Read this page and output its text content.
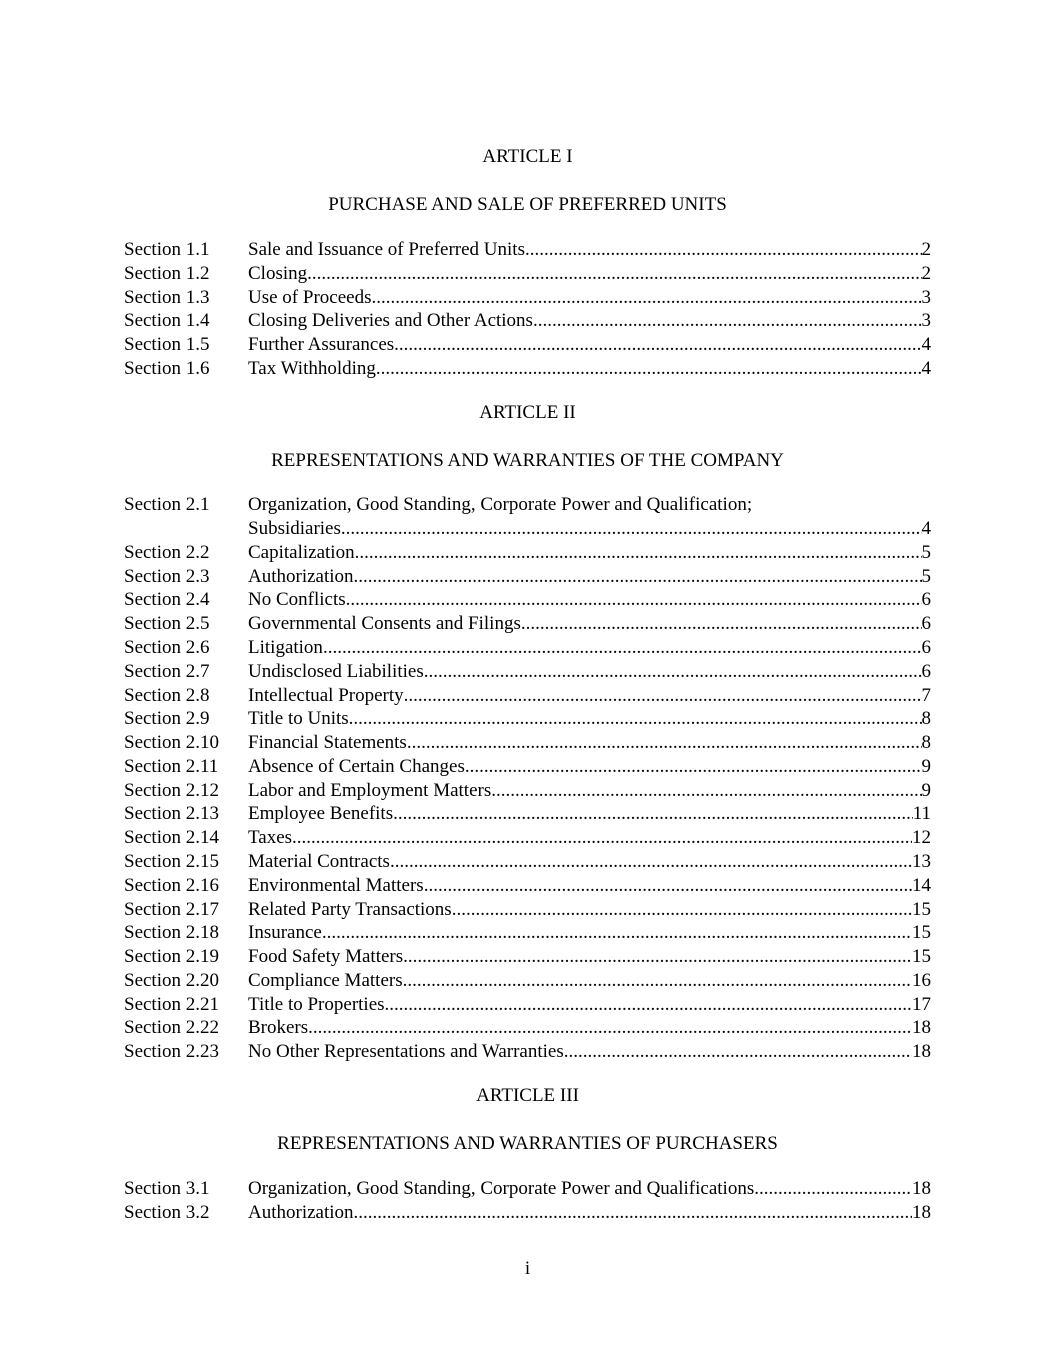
ARTICLE I
PURCHASE AND SALE OF PREFERRED UNITS
Section 1.1	Sale and Issuance of Preferred Units .....	2
Section 1.2	Closing .....	2
Section 1.3	Use of Proceeds .....	3
Section 1.4	Closing Deliveries and Other Actions .....	3
Section 1.5	Further Assurances .....	4
Section 1.6	Tax Withholding .....	4
ARTICLE II
REPRESENTATIONS AND WARRANTIES OF THE COMPANY
Section 2.1	Organization, Good Standing, Corporate Power and Qualification;
Subsidiaries .....	4
Section 2.2	Capitalization .....	5
Section 2.3	Authorization .....	5
Section 2.4	No Conflicts .....	6
Section 2.5	Governmental Consents and Filings .....	6
Section 2.6	Litigation .....	6
Section 2.7	Undisclosed Liabilities .....	6
Section 2.8	Intellectual Property .....	7
Section 2.9	Title to Units .....	8
Section 2.10	Financial Statements .....	8
Section 2.11	Absence of Certain Changes .....	9
Section 2.12	Labor and Employment Matters .....	9
Section 2.13	Employee Benefits .....	11
Section 2.14	Taxes .....	12
Section 2.15	Material Contracts .....	13
Section 2.16	Environmental Matters .....	14
Section 2.17	Related Party Transactions .....	15
Section 2.18	Insurance .....	15
Section 2.19	Food Safety Matters .....	15
Section 2.20	Compliance Matters .....	16
Section 2.21	Title to Properties .....	17
Section 2.22	Brokers .....	18
Section 2.23	No Other Representations and Warranties .....	18
ARTICLE III
REPRESENTATIONS AND WARRANTIES OF PURCHASERS
Section 3.1	Organization, Good Standing, Corporate Power and Qualifications .....	18
Section 3.2	Authorization .....	18
i
